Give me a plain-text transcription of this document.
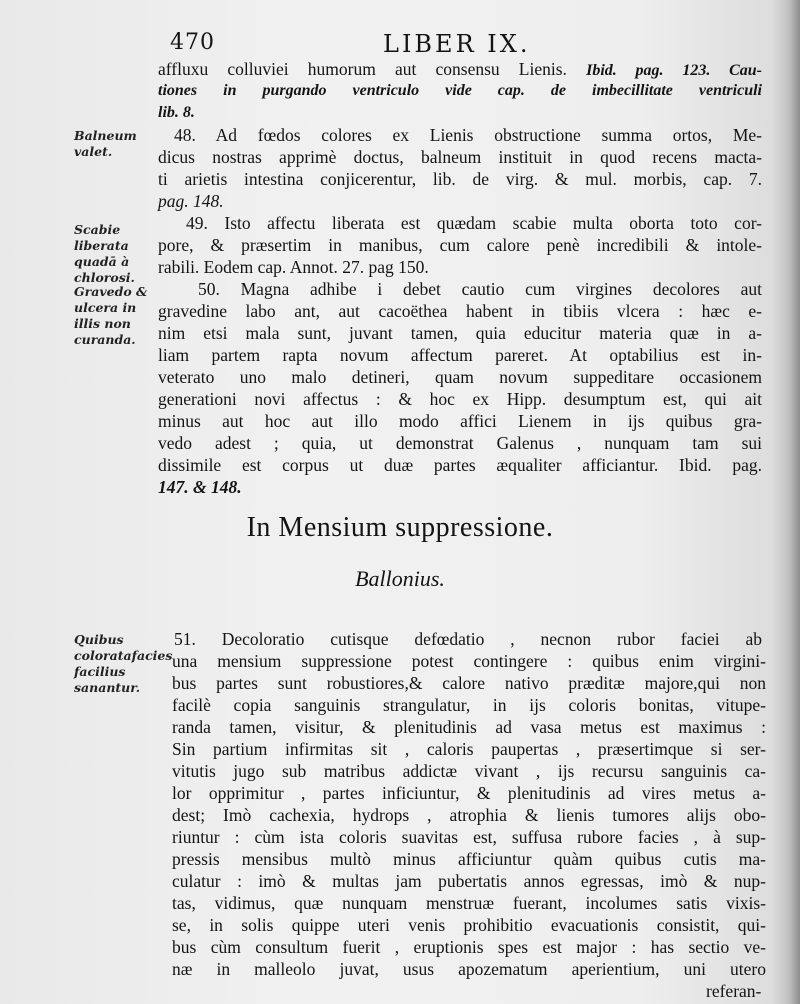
470	LIBER IX.
affluxu colluviei humorum aut consensu Lienis. Ibid. pag. 123. Cau-
tiones in purgando ventriculo vide cap. de imbecillitate ventriculi
lib. 8.
Balneum valet.
48. Ad fœdos colores ex Lienis obstructione summa ortos, Me-
dicus nostras apprimè doctus, balneum instituit in quod recens macta-
ti arietis intestina conjicerentur, lib. de virg. & mul. morbis, cap. 7.
pag. 148.
Scabie liberata quadā à chlorosi.
49. Isto affectu liberata est quædam scabie multa oborta toto cor-
pore, & præsertim in manibus, cum calore penè incredibili & intole-
rabili. Eodem cap. Annot. 27. pag 150.
Gravedo & ulcera in illis non curanda.
50. Magna adhibe i debet cautio cum virgines decolores aut
gravedine labo ant, aut cacoëthea habent in tibiis vlcera : hæc e-
nim etsi mala sunt, juvant tamen, quia educitur materia quæ in a-
liam partem rapta novum affectum pareret. At optabilius est in-
veterato uno malo detineri, quam novum suppeditare occasionem
generationi novi affectus : & hoc ex Hipp. desumptum est, qui ait
minus aut hoc aut illo modo affici Lienem in ijs quibus gra-
vedo adest ; quia, ut demonstrat Galenus , nunquam tam sui
dissimile est corpus ut duæ partes æqualiter afficiantur. Ibid. pag.
147. & 148.
In Mensium suppressione.
Ballonius.
Quibus coloratafacies facilius sanantur.
51. Decoloratio cutisque defœdatio , necnon rubor faciei ab
una mensium suppressione potest contingere : quibus enim virgini-
bus partes sunt robustiores,& calore nativo præditæ majore,qui non
facilè copia sanguinis strangulatur, in ijs coloris bonitas, vitupe-
randa tamen, visitur, & plenitudinis ad vasa metus est maximus :
Sin partium infirmitas sit , caloris paupertas , præsertimque si ser-
vitutis jugo sub matribus addictæ vivant , ijs recursu sanguinis ca-
lor opprimitur , partes inficiuntur, & plenitudinis ad vires metus a-
dest; Imò cachexia, hydrops , atrophia & lienis tumores alijs obo-
riuntur : cùm ista coloris suavitas est, suffusa rubore facies , à sup-
pressis mensibus multò minus afficiuntur quàm quibus cutis ma-
culatur : imò & multas jam pubertatis annos egressas, imò & nup-
tas, vidimus, quæ nunquam menstruæ fuerant, incolumes satis vixis-
se, in solis quippe uteri venis prohibitio evacuationis consistit, qui-
bus cùm consultum fuerit , eruptionis spes est major : has sectio ve-
næ in malleolo juvat, usus apozematum aperientium, uni utero
referan-
